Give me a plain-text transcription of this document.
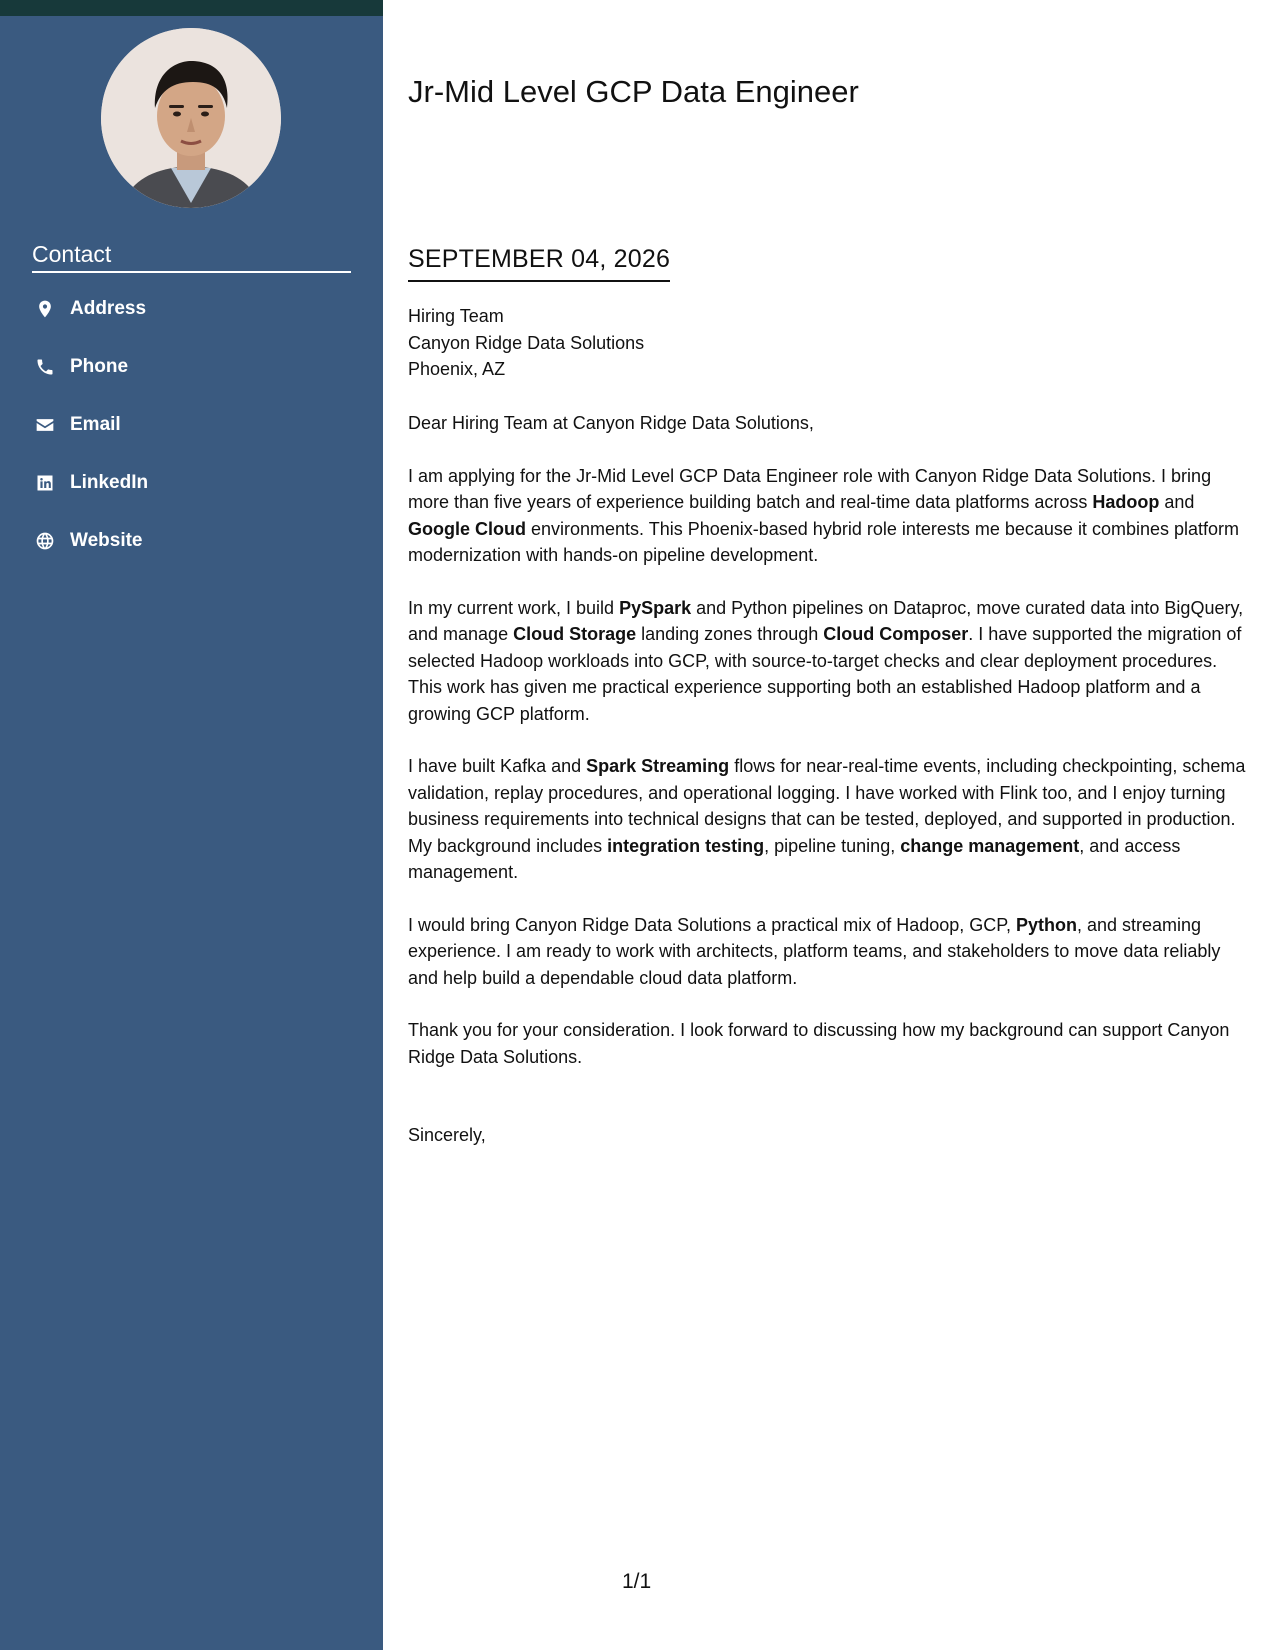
Contact
Address
Phone
Email
LinkedIn
Website
Jr-Mid Level GCP Data Engineer
SEPTEMBER 04, 2026
Hiring Team
Canyon Ridge Data Solutions
Phoenix, AZ

Dear Hiring Team at Canyon Ridge Data Solutions,

I am applying for the Jr-Mid Level GCP Data Engineer role with Canyon Ridge Data Solutions. I bring more than five years of experience building batch and real-time data platforms across Hadoop and Google Cloud environments. This Phoenix-based hybrid role interests me because it combines platform modernization with hands-on pipeline development.

In my current work, I build PySpark and Python pipelines on Dataproc, move curated data into BigQuery, and manage Cloud Storage landing zones through Cloud Composer. I have supported the migration of selected Hadoop workloads into GCP, with source-to-target checks and clear deployment procedures. This work has given me practical experience supporting both an established Hadoop platform and a growing GCP platform.

I have built Kafka and Spark Streaming flows for near-real-time events, including checkpointing, schema validation, replay procedures, and operational logging. I have worked with Flink too, and I enjoy turning business requirements into technical designs that can be tested, deployed, and supported in production. My background includes integration testing, pipeline tuning, change management, and access management.

I would bring Canyon Ridge Data Solutions a practical mix of Hadoop, GCP, Python, and streaming experience. I am ready to work with architects, platform teams, and stakeholders to move data reliably and help build a dependable cloud data platform.

Thank you for your consideration. I look forward to discussing how my background can support Canyon Ridge Data Solutions.

Sincerely,
1/1
